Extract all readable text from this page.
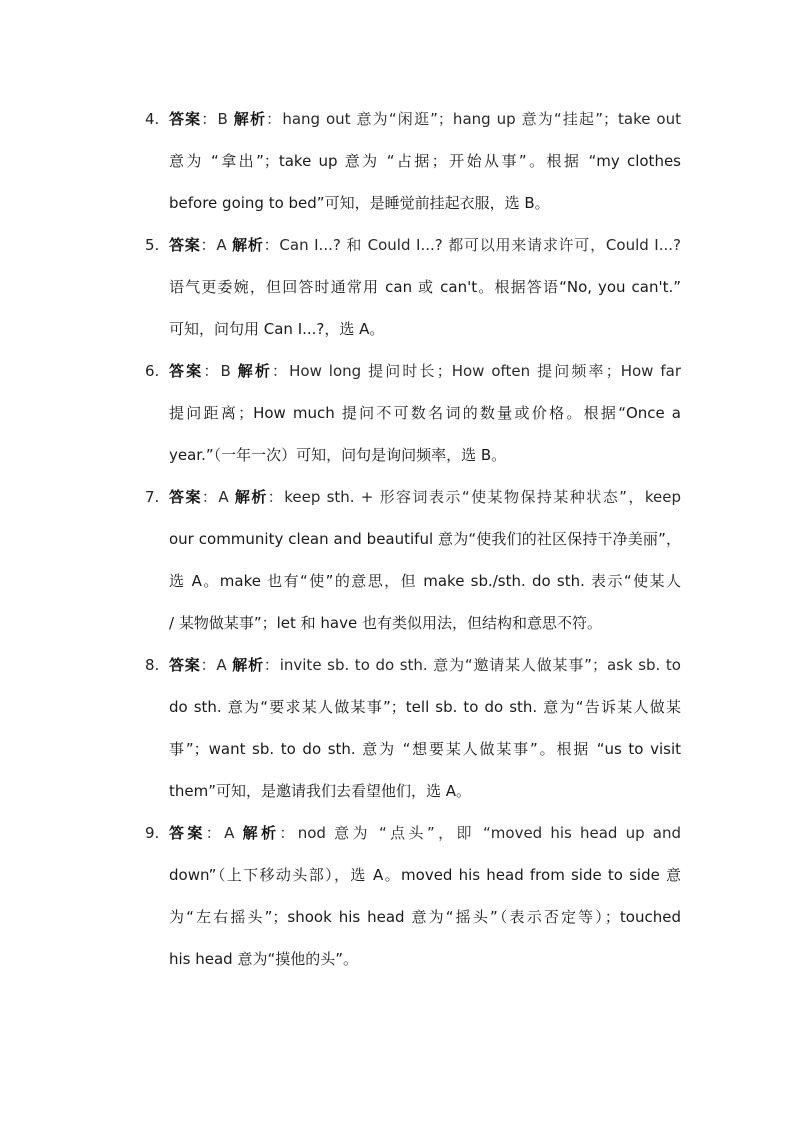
4. 答案：B 解析：hang out 意为“闲逛”；hang up 意为“挂起”；take out
意为 “拿出”；take up 意为 “占据；开始从事”。根据 “my clothes
before going to bed”可知，是睡觉前挂起衣服，选 B。
5. 答案：A 解析：Can I...? 和 Could I...? 都可以用来请求许可，Could I...?
语气更委婉，但回答时通常用 can 或 can't。根据答语“No, you can't.”
可知，问句用 Can I...?，选 A。
6. 答案：B 解析：How long 提问时长；How often 提问频率；How far
提问距离；How much 提问不可数名词的数量或价格。根据“Once a
year.”（一年一次）可知，问句是询问频率，选 B。
7. 答案：A 解析：keep sth. + 形容词表示“使某物保持某种状态”，keep
our community clean and beautiful 意为“使我们的社区保持干净美丽”，
选 A。make 也有“使”的意思，但 make sb./sth. do sth. 表示“使某人
/ 某物做某事”；let 和 have 也有类似用法，但结构和意思不符。
8. 答案：A 解析：invite sb. to do sth. 意为“邀请某人做某事”；ask sb. to
do sth. 意为“要求某人做某事”；tell sb. to do sth. 意为“告诉某人做某
事”；want sb. to do sth. 意为 “想要某人做某事”。根据 “us to visit
them”可知，是邀请我们去看望他们，选 A。
9. 答案：A 解析：nod 意为 “点头”，即 “moved his head up and
down”（上下移动头部），选 A。moved his head from side to side 意
为“左右摇头”；shook his head 意为“摇头”（表示否定等）；touched
his head 意为“摸他的头”。
